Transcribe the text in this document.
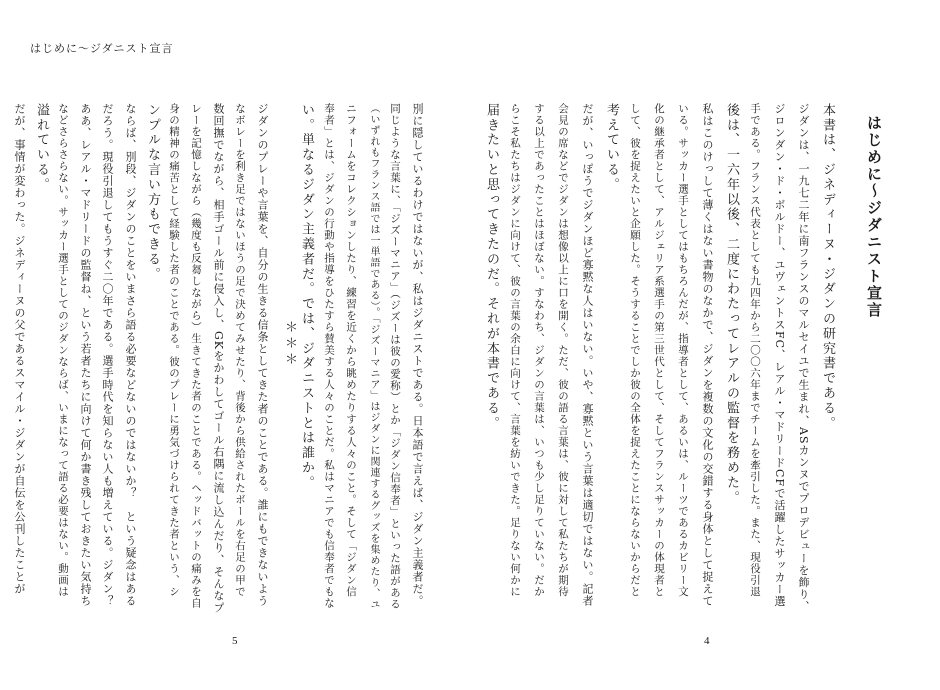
はじめに〜ジダニスト宣言
5
別に隠しているわけではないが、私はジダニストである。日本語で言えば、ジダン主義者だ。
同じような言葉に、「ジズーマニア」（ジズーは彼の愛称）とか「ジダン信奉者」といった語がある
（いずれもフランス語では一単語である）。「ジズーマニア」はジダンに関連するグッズを集めたり、ユ
ニフォームをコレクションしたり、練習を近くから眺めたりする人々のこと。そして「ジダン信
奉者」とは、ジダンの行動や指導をひたすら賛美する人々のことだ。私はマニアでも信奉者でもな
い。単なるジダン主義者だ。では、ジダニストとは誰か。
＊＊＊
ジダンのプレーや言葉を、自分の生きる信条としてきた者のことである。誰にもできないよう
なボレーを利き足ではないほうの足で決めてみせたり、背後から供給されたボールを右足の甲で
数回撫でながら、相手ゴール前に侵入し、GKをかわしてゴール右隅に流し込んだり、そんなプ
レーを記憶しながら（幾度も反芻しながら）生きてきた者のことである。ヘッドバットの痛みを自
身の精神の痛苦として経験した者のことである。彼のプレーに勇気づけられてきた者という、シ
ンプルな言い方もできる。
ならば、別段、ジダンのことをいまさら語る必要などないのではないか？　という疑念はある
だろう。現役引退してもうすぐ二〇年である。選手時代を知らない人も増えている。ジダン？
ああ、レアル・マドリードの監督ね、という若者たちに向けて何か書き残しておきたい気持ち
などさらさらない。サッカー選手としてのジダンならば、いまになって語る必要はない。動画は
溢れている。
だが、事情が変わった。ジネディーヌの父であるスマイル・ジダンが自伝を公刊したことが	はじめに〜ジダニスト宣言
4
本書は、ジネディーヌ・ジダンの研究書である。
ジダンは、一九七二年に南フランスのマルセイユで生まれ、ASカンヌでプロデビューを飾り、
ジロンダン・ド・ボルドー、ユヴェントスFC、レアル・マドリードCFで活躍したサッカー選
手である。フランス代表としても九四年から二〇〇六年までチームを牽引した。また、現役引退
後は、一六年以後、二度にわたってレアルの監督を務めた。
私はこのけっして薄くはない書物のなかで、ジダンを複数の文化の交錯する身体として捉えて
いる。サッカー選手としてはもちろんだが、指導者として、あるいは、ルーツであるカビリー文
化の継承者として、アルジェリア系選手の第三世代として、そしてフランスサッカーの体現者と
して、彼を捉えたいと企願した。そうすることでしか彼の全体を捉えたことにならないからだと
考えている。
だが、いっぽうでジダンほど寡黙な人はいない。いや、寡黙という言葉は適切ではない。記者
会見の席などでジダンは想像以上に口を開く。ただ、彼の語る言葉は、彼に対して私たちが期待
する以上であったことはほぼない。すなわち、ジダンの言葉は、いつも少し足りていない。だか
らこそ私たちはジダンに向けて、彼の言葉の余白に向けて、言葉を紡いできた。足りない何かに
届きたいと思ってきたのだ。それが本書である。
